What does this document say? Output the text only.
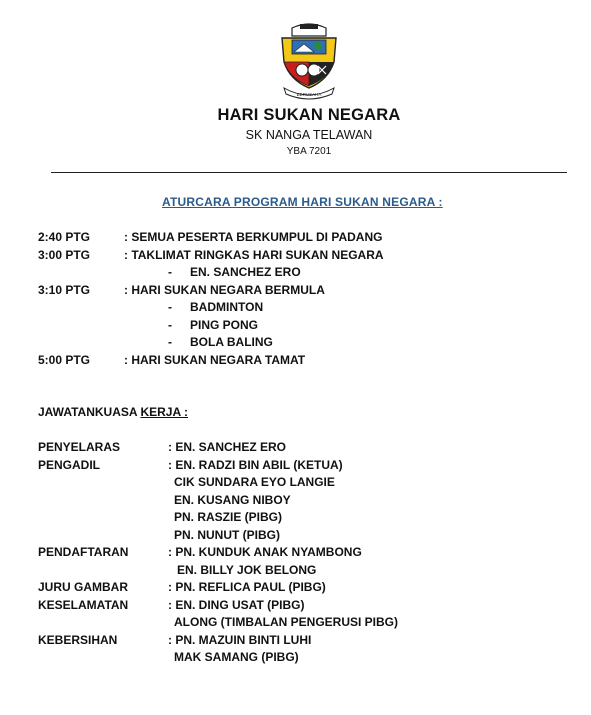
BERUSAHA
HARI SUKAN NEGARA
SK NANGA TELAWAN
YBA 7201
ATURCARA PROGRAM HARI SUKAN NEGARA :
2:40 PTG	: SEMUA PESERTA BERKUMPUL DI PADANG
3:00 PTG	: TAKLIMAT RINGKAS HARI SUKAN NEGARA
- EN. SANCHEZ ERO
3:10 PTG	: HARI SUKAN NEGARA BERMULA
- BADMINTON
- PING PONG
- BOLA BALING
5:00 PTG	: HARI SUKAN NEGARA TAMAT
JAWATANKUASA KERJA :
PENYELARAS	: EN. SANCHEZ ERO
PENGADIL	: EN. RADZI BIN ABIL (KETUA)
CIK SUNDARA EYO LANGIE
EN. KUSANG NIBOY
PN. RASZIE (PIBG)
PN. NUNUT (PIBG)
PENDAFTARAN	: PN. KUNDUK ANAK NYAMBONG
EN. BILLY JOK BELONG
JURU GAMBAR	: PN. REFLICA PAUL (PIBG)
KESELAMATAN	: EN. DING USAT (PIBG)
ALONG (TIMBALAN PENGERUSI PIBG)
KEBERSIHAN	: PN. MAZUIN BINTI LUHI
MAK SAMANG (PIBG)
